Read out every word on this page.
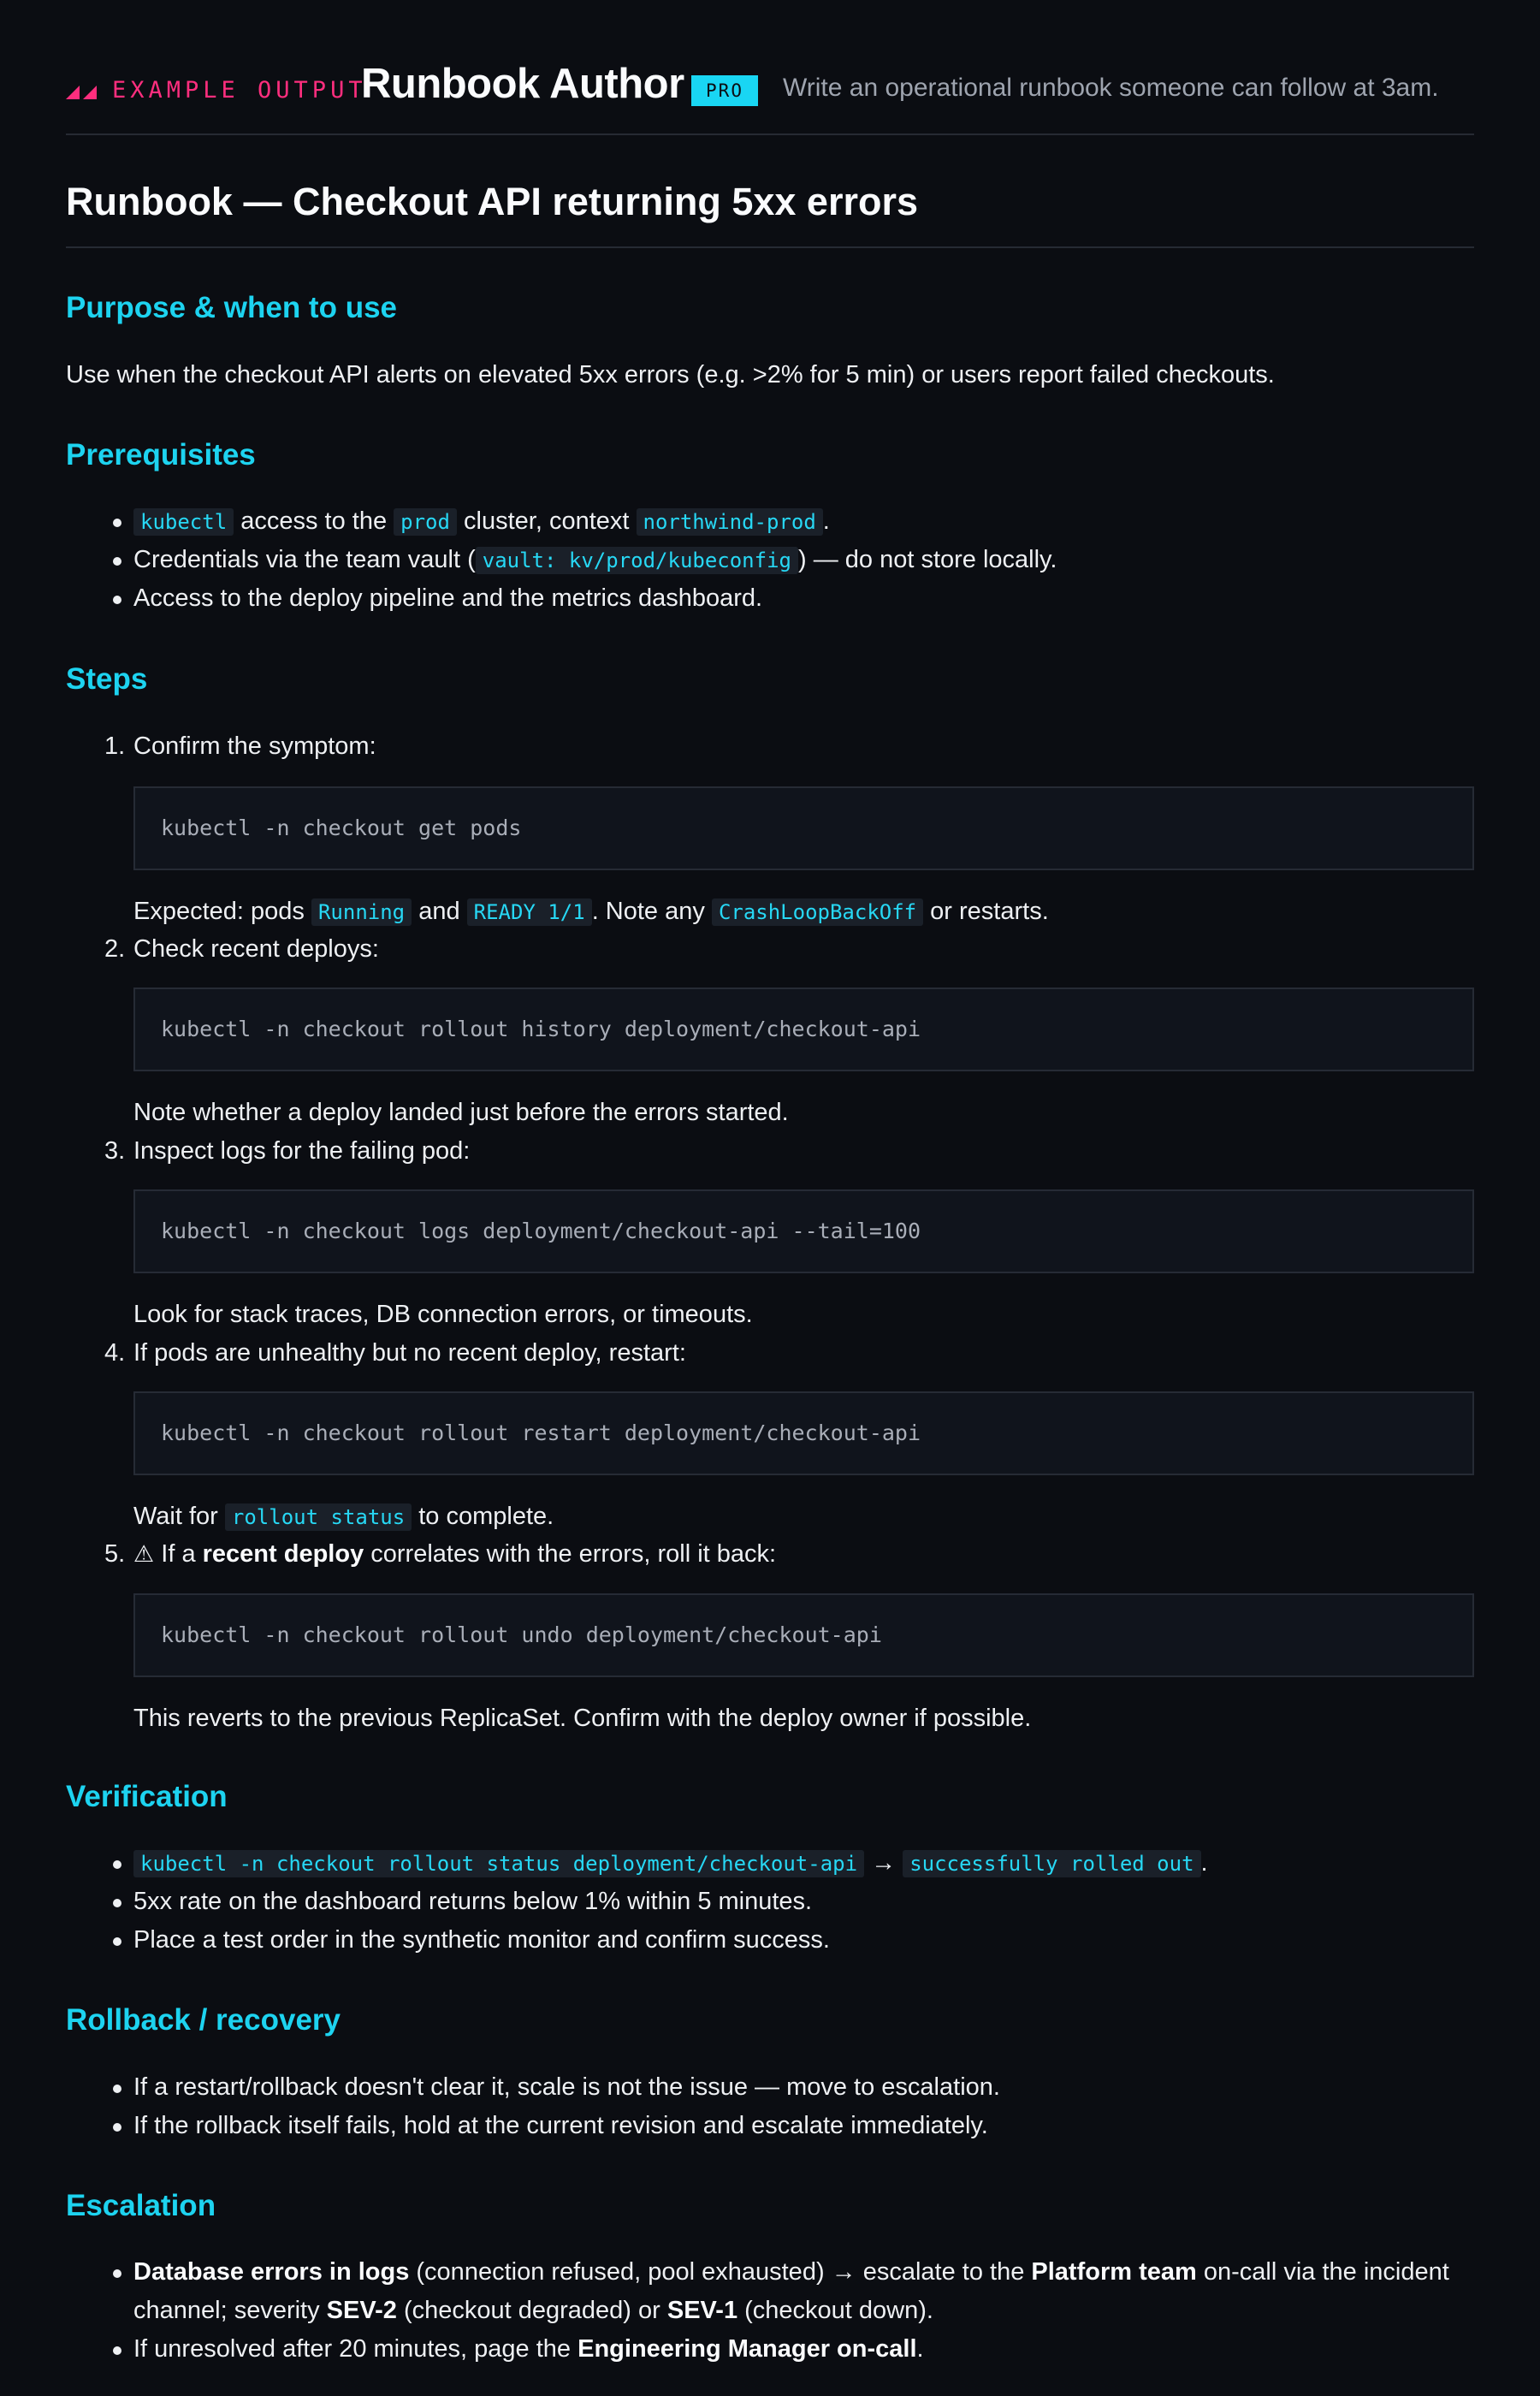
EXAMPLE OUTPUT
Runbook Author	PRO	Write an operational runbook someone can follow at 3am.
Runbook — Checkout API returning 5xx errors
Purpose & when to use
Use when the checkout API alerts on elevated 5xx errors (e.g. >2% for 5 min) or users report failed checkouts.
Prerequisites
kubectl access to the prod cluster, context northwind-prod .
Credentials via the team vault ( vault: kv/prod/kubeconfig ) — do not store locally.
Access to the deploy pipeline and the metrics dashboard.
Steps
1. Confirm the symptom:
kubectl -n checkout get pods
Expected: pods Running and READY 1/1 . Note any CrashLoopBackOff or restarts.
2. Check recent deploys:
kubectl -n checkout rollout history deployment/checkout-api
Note whether a deploy landed just before the errors started.
3. Inspect logs for the failing pod:
kubectl -n checkout logs deployment/checkout-api --tail=100
Look for stack traces, DB connection errors, or timeouts.
4. If pods are unhealthy but no recent deploy, restart:
kubectl -n checkout rollout restart deployment/checkout-api
Wait for rollout status to complete.
5. ⚠ If a recent deploy correlates with the errors, roll it back:
kubectl -n checkout rollout undo deployment/checkout-api
This reverts to the previous ReplicaSet. Confirm with the deploy owner if possible.
Verification
kubectl -n checkout rollout status deployment/checkout-api → successfully rolled out .
5xx rate on the dashboard returns below 1% within 5 minutes.
Place a test order in the synthetic monitor and confirm success.
Rollback / recovery
If a restart/rollback doesn't clear it, scale is not the issue — move to escalation.
If the rollback itself fails, hold at the current revision and escalate immediately.
Escalation
Database errors in logs (connection refused, pool exhausted) → escalate to the Platform team on-call via the incident
channel; severity SEV-2 (checkout degraded) or SEV-1 (checkout down).
If unresolved after 20 minutes, page the Engineering Manager on-call.
